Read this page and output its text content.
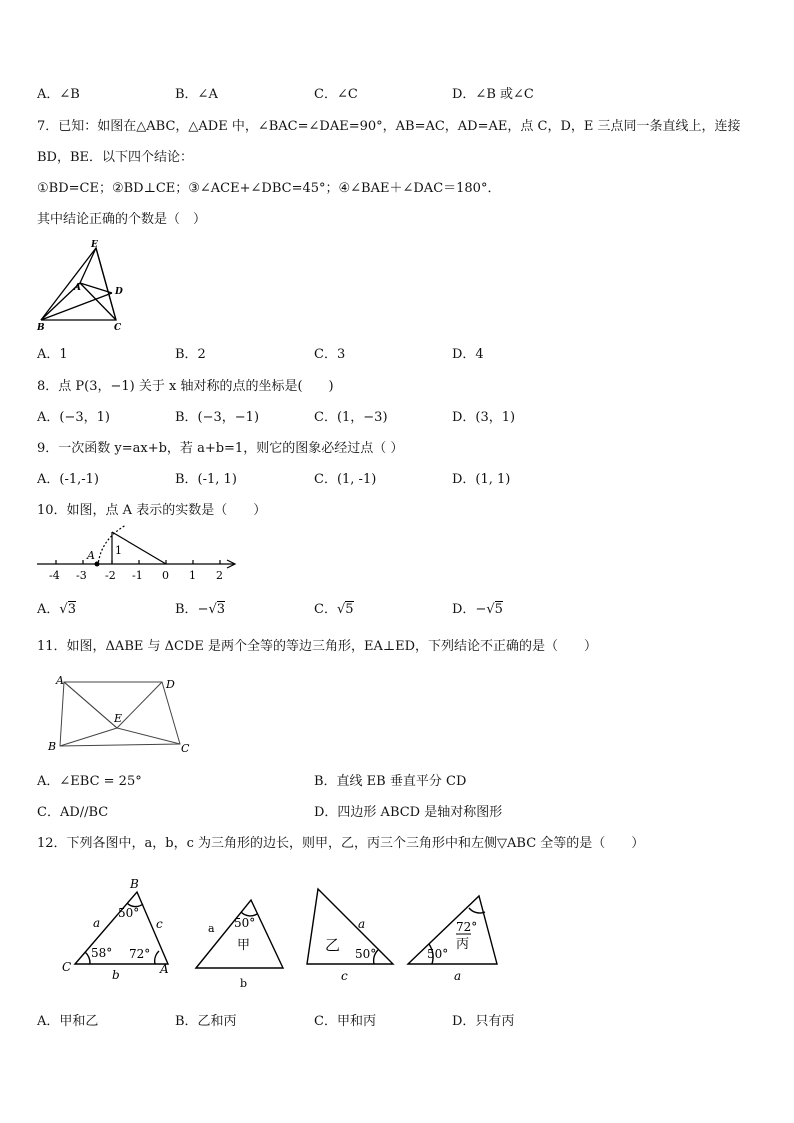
A．∠B	B．∠A	C．∠C	D．∠B 或∠C
7．已知：如图在△ABC，△ADE 中，∠BAC=∠DAE=90°，AB=AC，AD=AE，点 C，D，E 三点同一条直线上，连接
BD，BE．以下四个结论：
①BD=CE；②BD⊥CE；③∠ACE+∠DBC=45°；④∠BAE＋∠DAC＝180°．
其中结论正确的个数是（　）
E
A	D
B	C
A．1	B．2	C．3	D．4
8．点 P(3，−1) 关于 x 轴对称的点的坐标是(　　)
A．(−3，1)	B．(−3，−1)	C．(1，−3)	D．(3，1)
9．一次函数 y=ax+b，若 a+b=1，则它的图象必经过点（ ）
A．(-1,-1)	B．(-1, 1)	C．(1, -1)	D．(1, 1)
10．如图，点 A 表示的实数是（　　）
A 1
-4 -3 -2 -1 0 1 2
A．√3	B．−√3	C．√5	D．−√5
11．如图，ΔABE 与 ΔCDE 是两个全等的等边三角形，EA⊥ED，下列结论不正确的是（　　）
A	D
E
B	C
A．∠EBC = 25°	B．直线 EB 垂直平分 CD
C．AD//BC	D．四边形 ABCD 是轴对称图形
12．下列各图中，a，b，c 为三角形的边长，则甲，乙，丙三个三角形中和左侧▽ABC 全等的是（　　）
B
C	A
a
b
c
50°
58° 72°
a
b
50°
甲
a
c
50°
乙
a
72°
50°
丙
A．甲和乙	B．乙和丙	C．甲和丙	D．只有丙
